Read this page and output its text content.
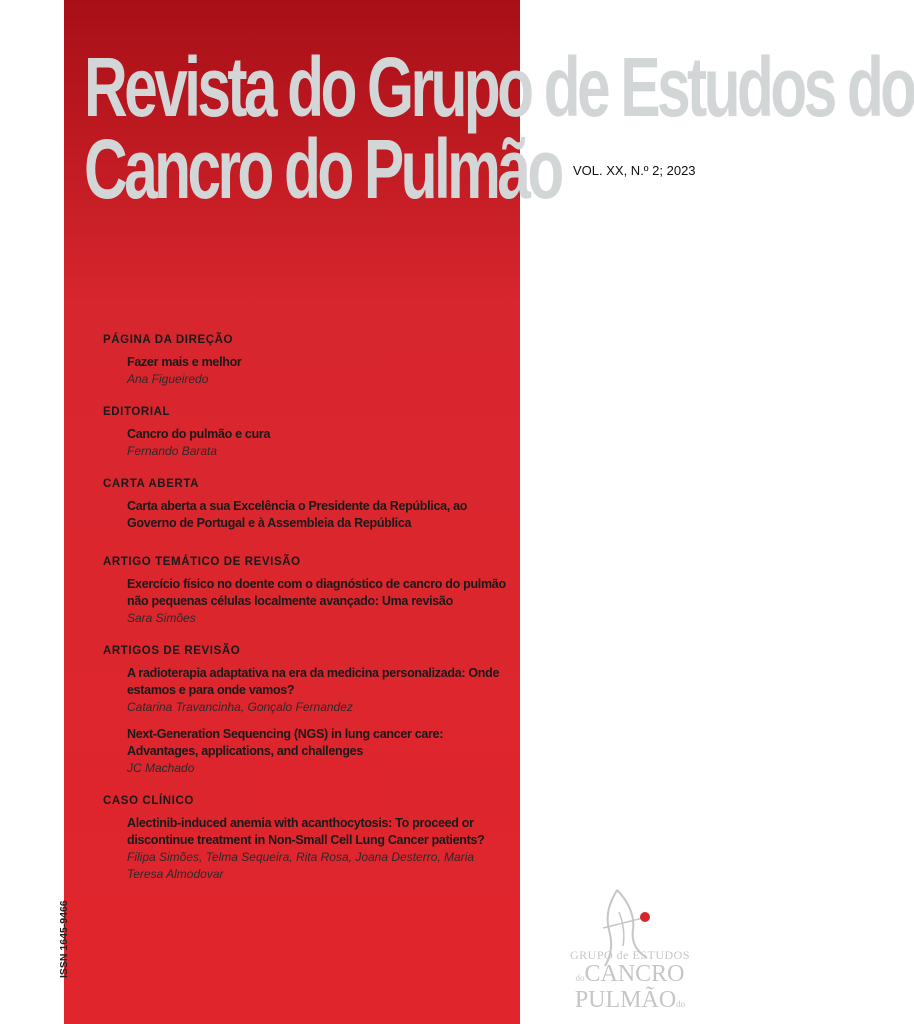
Revista do Grupo de Estudos do
Cancro do Pulmão VOL. XX, N.º 2; 2023
PÁGINA DA DIREÇÃO
Fazer mais e melhor
Ana Figueiredo
EDITORIAL
Cancro do pulmão e cura
Fernando Barata
CARTA ABERTA
Carta aberta a sua Excelência o Presidente da República, ao Governo de Portugal e à Assembleia da República
ARTIGO TEMÁTICO DE REVISÃO
Exercício físico no doente com o diagnóstico de cancro do pulmão não pequenas células localmente avançado: Uma revisão
Sara Simões
ARTIGOS DE REVISÃO
A radioterapia adaptativa na era da medicina personalizada: Onde estamos e para onde vamos?
Catarina Travancinha, Gonçalo Fernandez
Next-Generation Sequencing (NGS) in lung cancer care: Advantages, applications, and challenges
JC Machado
CASO CLÍNICO
Alectinib-induced anemia with acanthocytosis: To proceed or discontinue treatment in Non-Small Cell Lung Cancer patients?
Filipa Simões, Telma Sequeira, Rita Rosa, Joana Desterro, Maria Teresa Almodovar
ISSN 1645-9466	GRUPO de ESTUDOS
doCANCRO
PULMÃOdo
